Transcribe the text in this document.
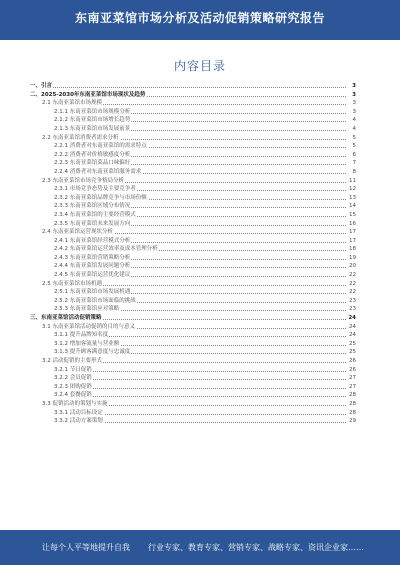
东南亚菜馆市场分析及活动促销策略研究报告
内容目录
一、引言	3
二、2025-2030年东南亚菜馆市场现状及趋势	3
2.1 东南亚菜馆市场规模	3
2.1.1 东南亚菜馆市场规模分析	3
2.1.2 东南亚菜馆市场增长趋势	4
2.1.3 东南亚菜馆市场发展前景	4
2.2 东南亚菜馆消费者需求分析	5
2.2.1 消费者对东南亚菜馆的需求特点	5
2.2.2 消费者对价格敏感度分析	6
2.2.3 东南亚菜馆菜品口味偏好	7
2.2.4 消费者对东南亚菜馆服务需求	8
2.3 东南亚菜馆市场竞争格局分析	11
2.3.1 市场竞争态势及主要竞争者	12
2.3.2 东南亚菜馆品牌竞争与市场份额	13
2.3.3 东南亚菜馆区域分布情况	14
2.3.4 东南亚菜馆的主要经营模式	15
2.3.5 东南亚菜馆未来发展方向	16
2.4 东南亚菜馆运营现状分析	17
2.4.1 东南亚菜馆经营模式分析	17
2.4.2 东南亚菜馆运营效率及成本管理分析	18
2.4.3 东南亚菜馆营销策略分析	19
2.4.4 东南亚菜馆发展问题分析	20
2.4.5 东南亚菜馆运营优化建议	22
2.5 东南亚菜馆市场机遇	22
2.5.1 东南亚菜馆市场发展机遇	22
2.5.2 东南亚菜馆市场面临的挑战	23
2.5.3 东南亚菜馆应对策略	23
三、东南亚菜馆活动促销策略	24
3.1 东南亚菜馆活动促销的目的与意义	24
3.1.1 提升品牌知名度	24
3.1.2 增加客流量与营业额	25
3.1.3 提升顾客满意度与忠诚度	25
3.2 活动促销的主要形式	26
3.2.1 节日促销	26
3.2.2 会员促销	27
3.2.3 团购促销	27
3.2.4 套餐促销	28
3.3 促销活动的策划与实施	28
3.3.1 活动目标设定	28
3.3.2 活动方案策划	29
让每个人平等地提升自我 行业专家、教育专家、营销专家、战略专家、资讯企业家……
